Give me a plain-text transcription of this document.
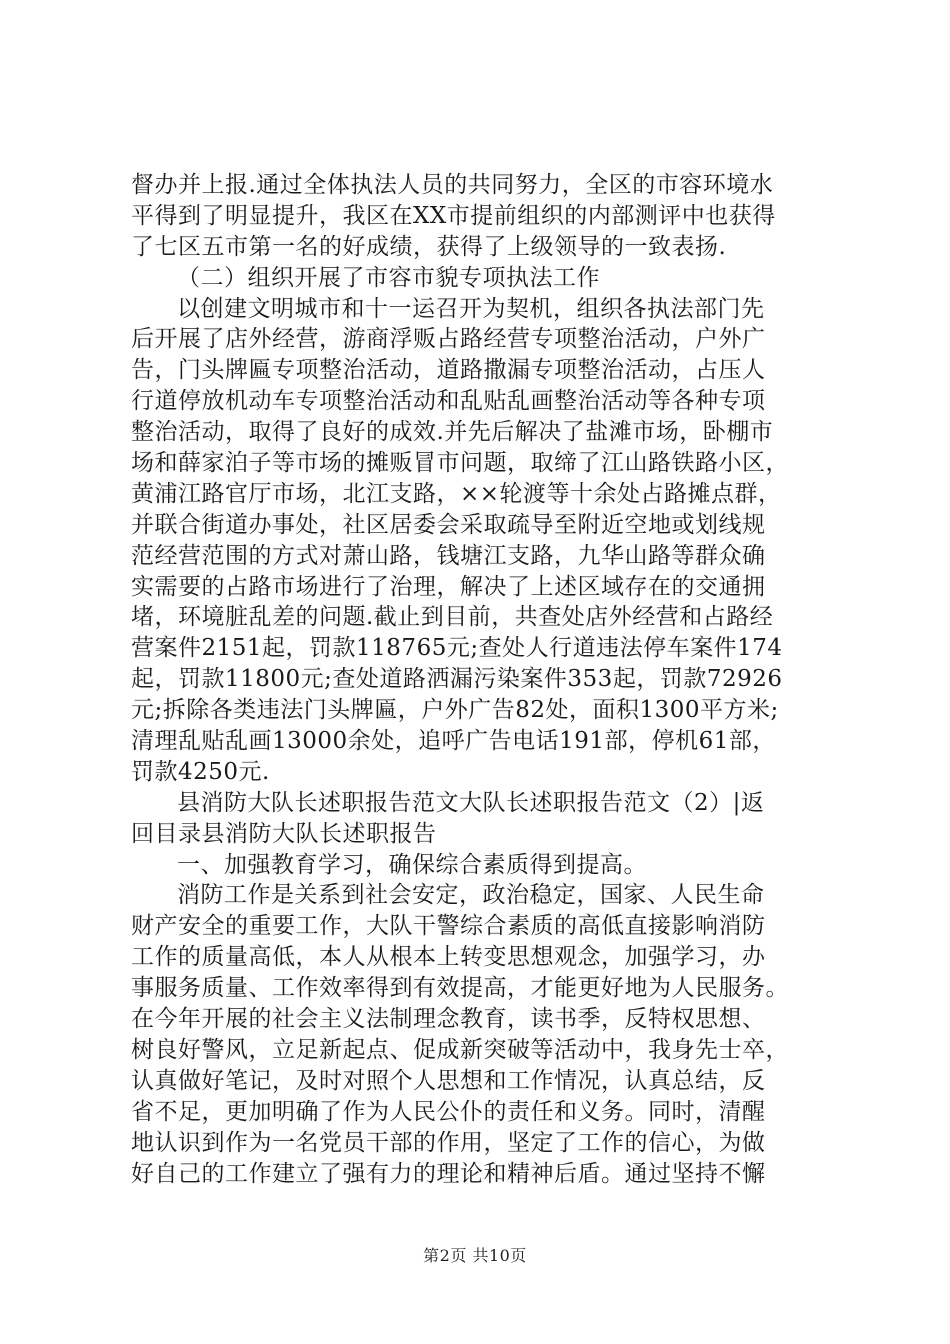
督办并上报.通过全体执法人员的共同努力，全区的市容环境水
平得到了明显提升，我区在XX市提前组织的内部测评中也获得
了七区五市第一名的好成绩，获得了上级领导的一致表扬.
（二）组织开展了市容市貌专项执法工作
以创建文明城市和十一运召开为契机，组织各执法部门先
后开展了店外经营，游商浮贩占路经营专项整治活动，户外广
告，门头牌匾专项整治活动，道路撒漏专项整治活动，占压人
行道停放机动车专项整治活动和乱贴乱画整治活动等各种专项
整治活动，取得了良好的成效.并先后解决了盐滩市场，卧棚市
场和薛家泊子等市场的摊贩冒市问题，取缔了江山路铁路小区，
黄浦江路官厅市场，北江支路，××轮渡等十余处占路摊点群，
并联合街道办事处，社区居委会采取疏导至附近空地或划线规
范经营范围的方式对萧山路，钱塘江支路，九华山路等群众确
实需要的占路市场进行了治理，解决了上述区域存在的交通拥
堵，环境脏乱差的问题.截止到目前，共查处店外经营和占路经
营案件2151起，罚款118765元;查处人行道违法停车案件174
起，罚款11800元;查处道路洒漏污染案件353起，罚款72926
元;拆除各类违法门头牌匾，户外广告82处，面积1300平方米;
清理乱贴乱画13000余处，追呼广告电话191部，停机61部，
罚款4250元.
县消防大队长述职报告范文大队长述职报告范文（2）|返
回目录县消防大队长述职报告
一、加强教育学习，确保综合素质得到提高。
消防工作是关系到社会安定，政治稳定，国家、人民生命
财产安全的重要工作，大队干警综合素质的高低直接影响消防
工作的质量高低，本人从根本上转变思想观念，加强学习，办
事服务质量、工作效率得到有效提高，才能更好地为人民服务。
在今年开展的社会主义法制理念教育，读书季，反特权思想、
树良好警风，立足新起点、促成新突破等活动中，我身先士卒，
认真做好笔记，及时对照个人思想和工作情况，认真总结，反
省不足，更加明确了作为人民公仆的责任和义务。同时，清醒
地认识到作为一名党员干部的作用，坚定了工作的信心，为做
好自己的工作建立了强有力的理论和精神后盾。通过坚持不懈
第2页 共10页
